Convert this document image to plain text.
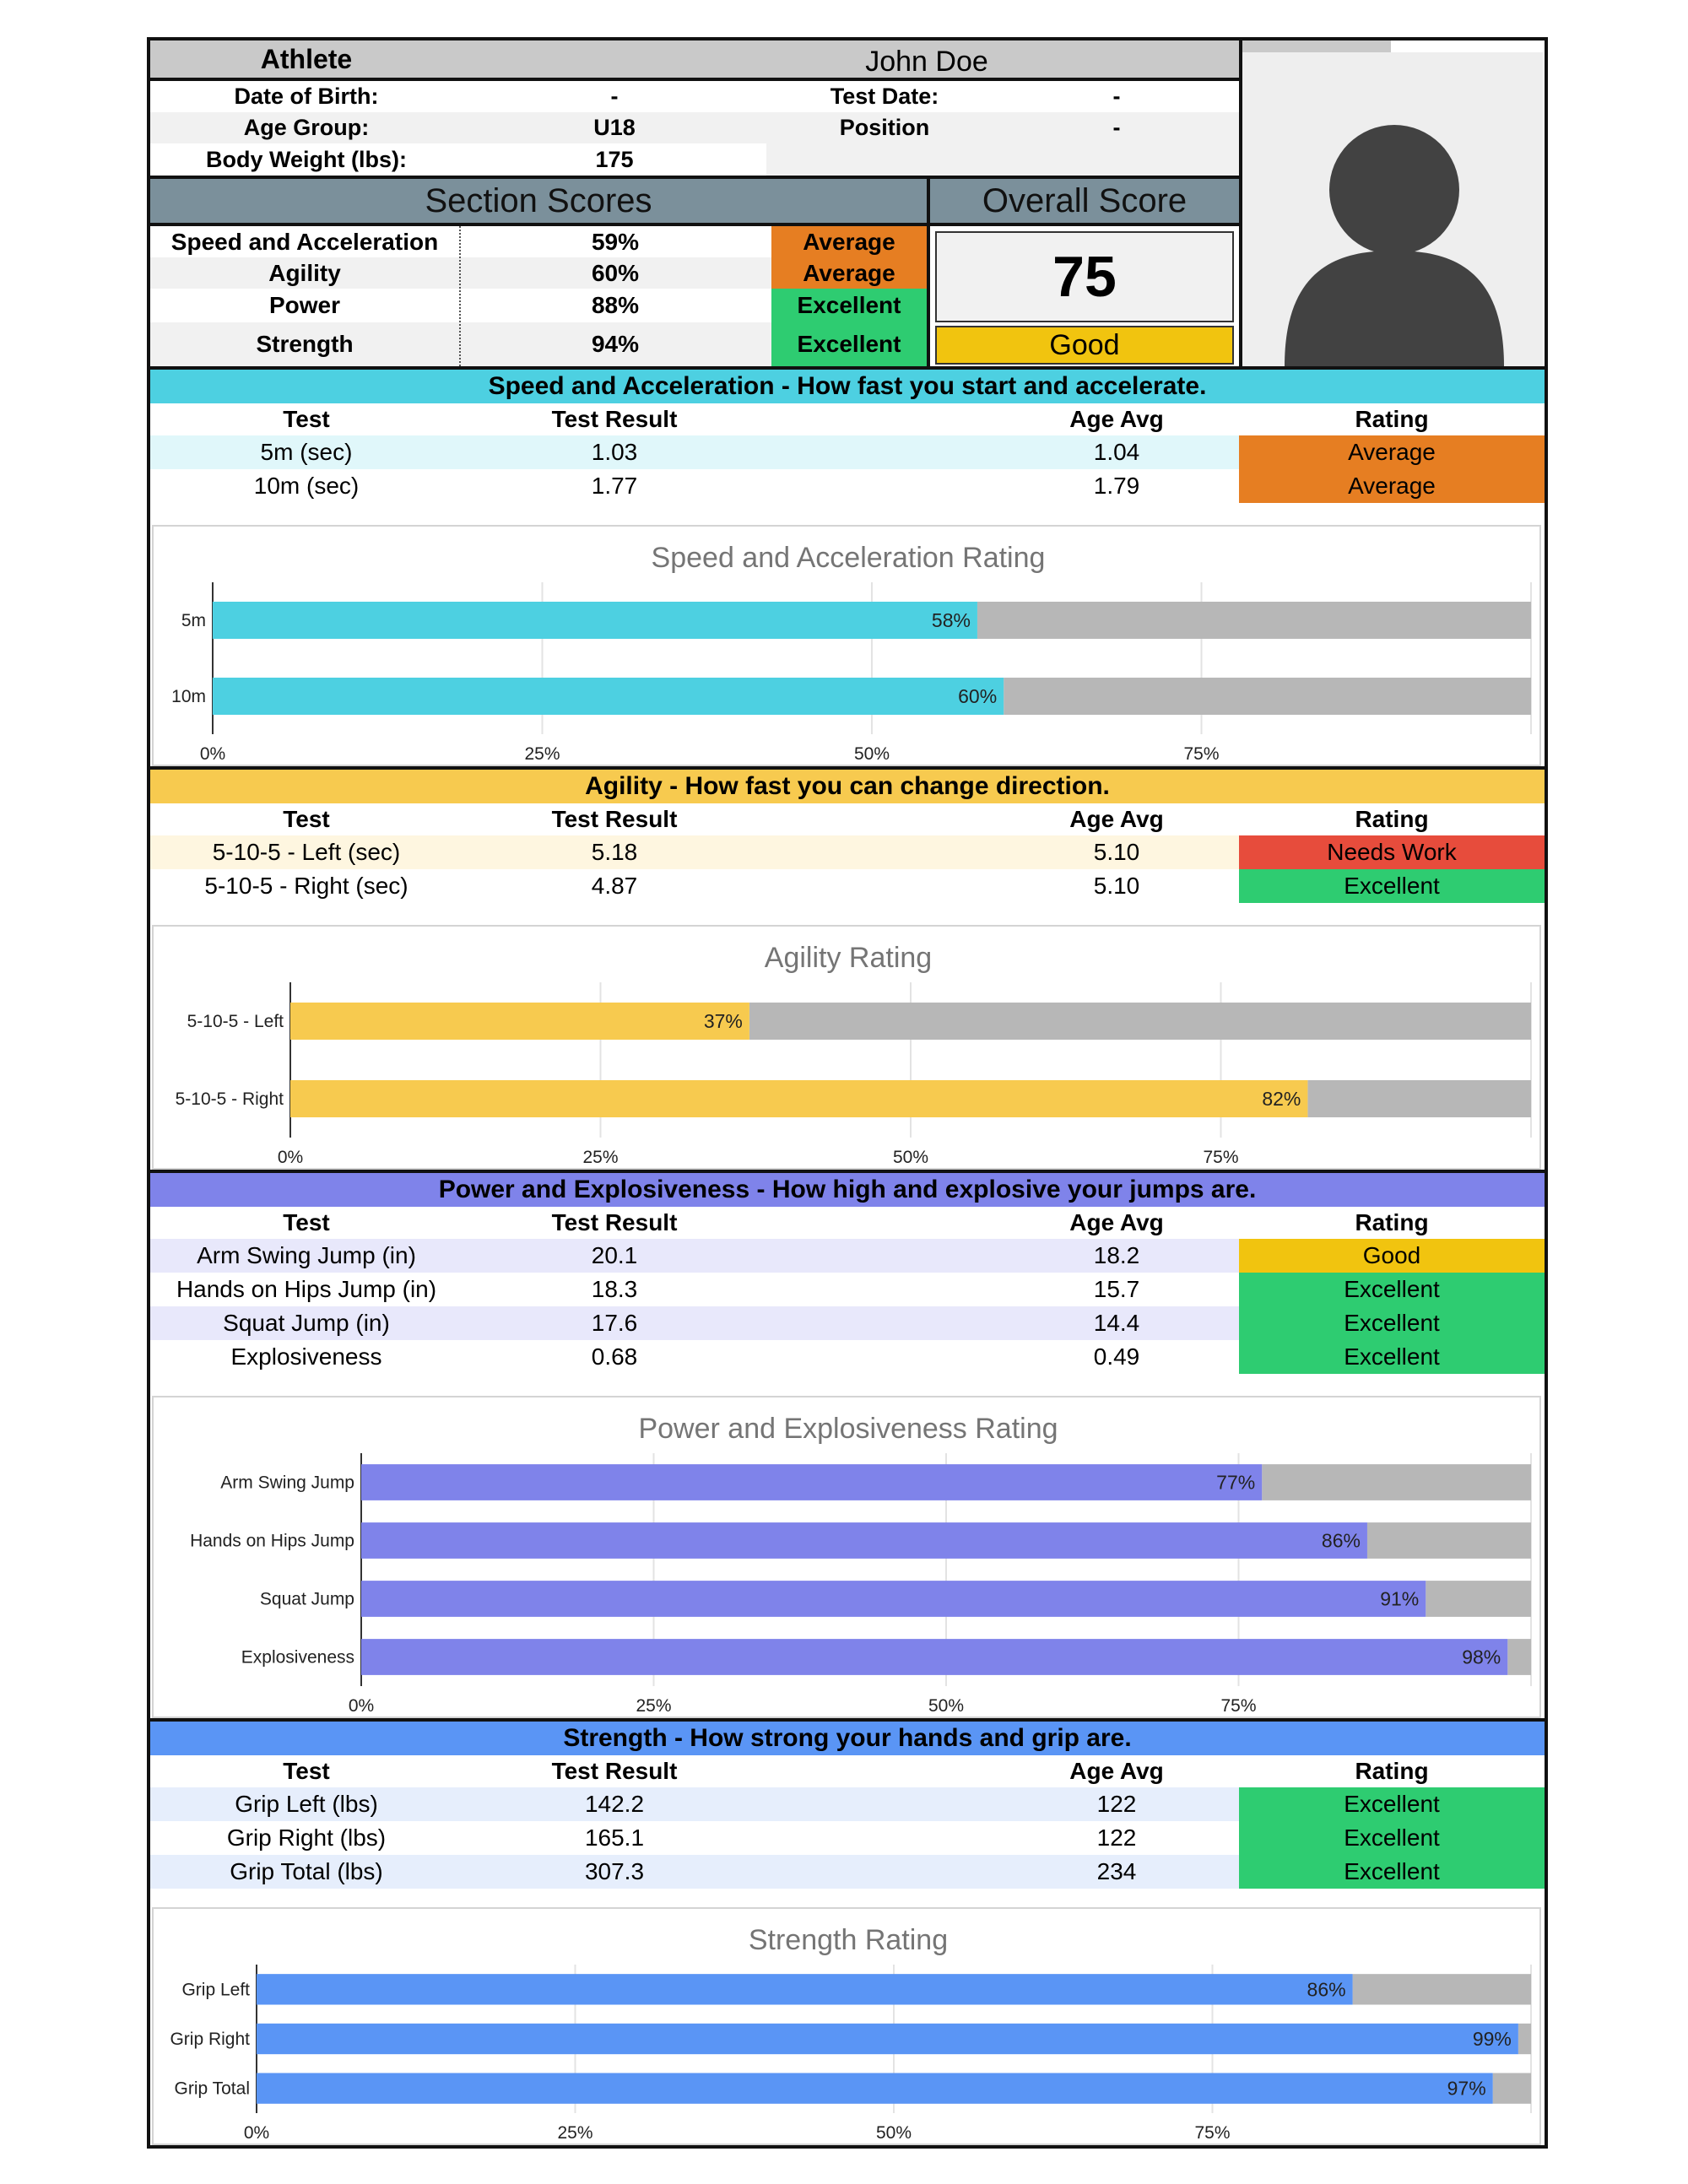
Athlete	John Doe
Date of Birth:	-	Test Date:	-
Age Group:	U18	Position	-
Body Weight (lbs):	175
Section Scores	Overall Score
Speed and Acceleration	59%	Average
Agility	60%	Average
Power	88%	Excellent
Strength	94%	Excellent
75
Good
Speed and Acceleration - How fast you start and accelerate.
Test	Test Result	Age Avg	Rating
5m (sec)	1.03	1.04	Average
10m (sec)	1.77	1.79	Average
Speed and Acceleration Rating
58%
5m
60%
10m
0%	25%	50%	75%
Agility - How fast you can change direction.
Test	Test Result	Age Avg	Rating
5-10-5 - Left (sec)	5.18	5.10	Needs Work
5-10-5 - Right (sec)	4.87	5.10	Excellent
Agility Rating
37%
5-10-5 - Left
82%
5-10-5 - Right
0%	25%	50%	75%
Power and Explosiveness - How high and explosive your jumps are.
Test	Test Result	Age Avg	Rating
Arm Swing Jump (in)	20.1	18.2	Good
Hands on Hips Jump (in)	18.3	15.7	Excellent
Squat Jump (in)	17.6	14.4	Excellent
Explosiveness	0.68	0.49	Excellent
Power and Explosiveness Rating
77%
Arm Swing Jump
86%
Hands on Hips Jump
91%
Squat Jump
98%
Explosiveness
0%	25%	50%	75%
Strength - How strong your hands and grip are.
Test	Test Result	Age Avg	Rating
Grip Left (lbs)	142.2	122	Excellent
Grip Right (lbs)	165.1	122	Excellent
Grip Total (lbs)	307.3	234	Excellent
Strength Rating
86%
Grip Left
99%
Grip Right
97%
Grip Total
0%	25%	50%	75%
